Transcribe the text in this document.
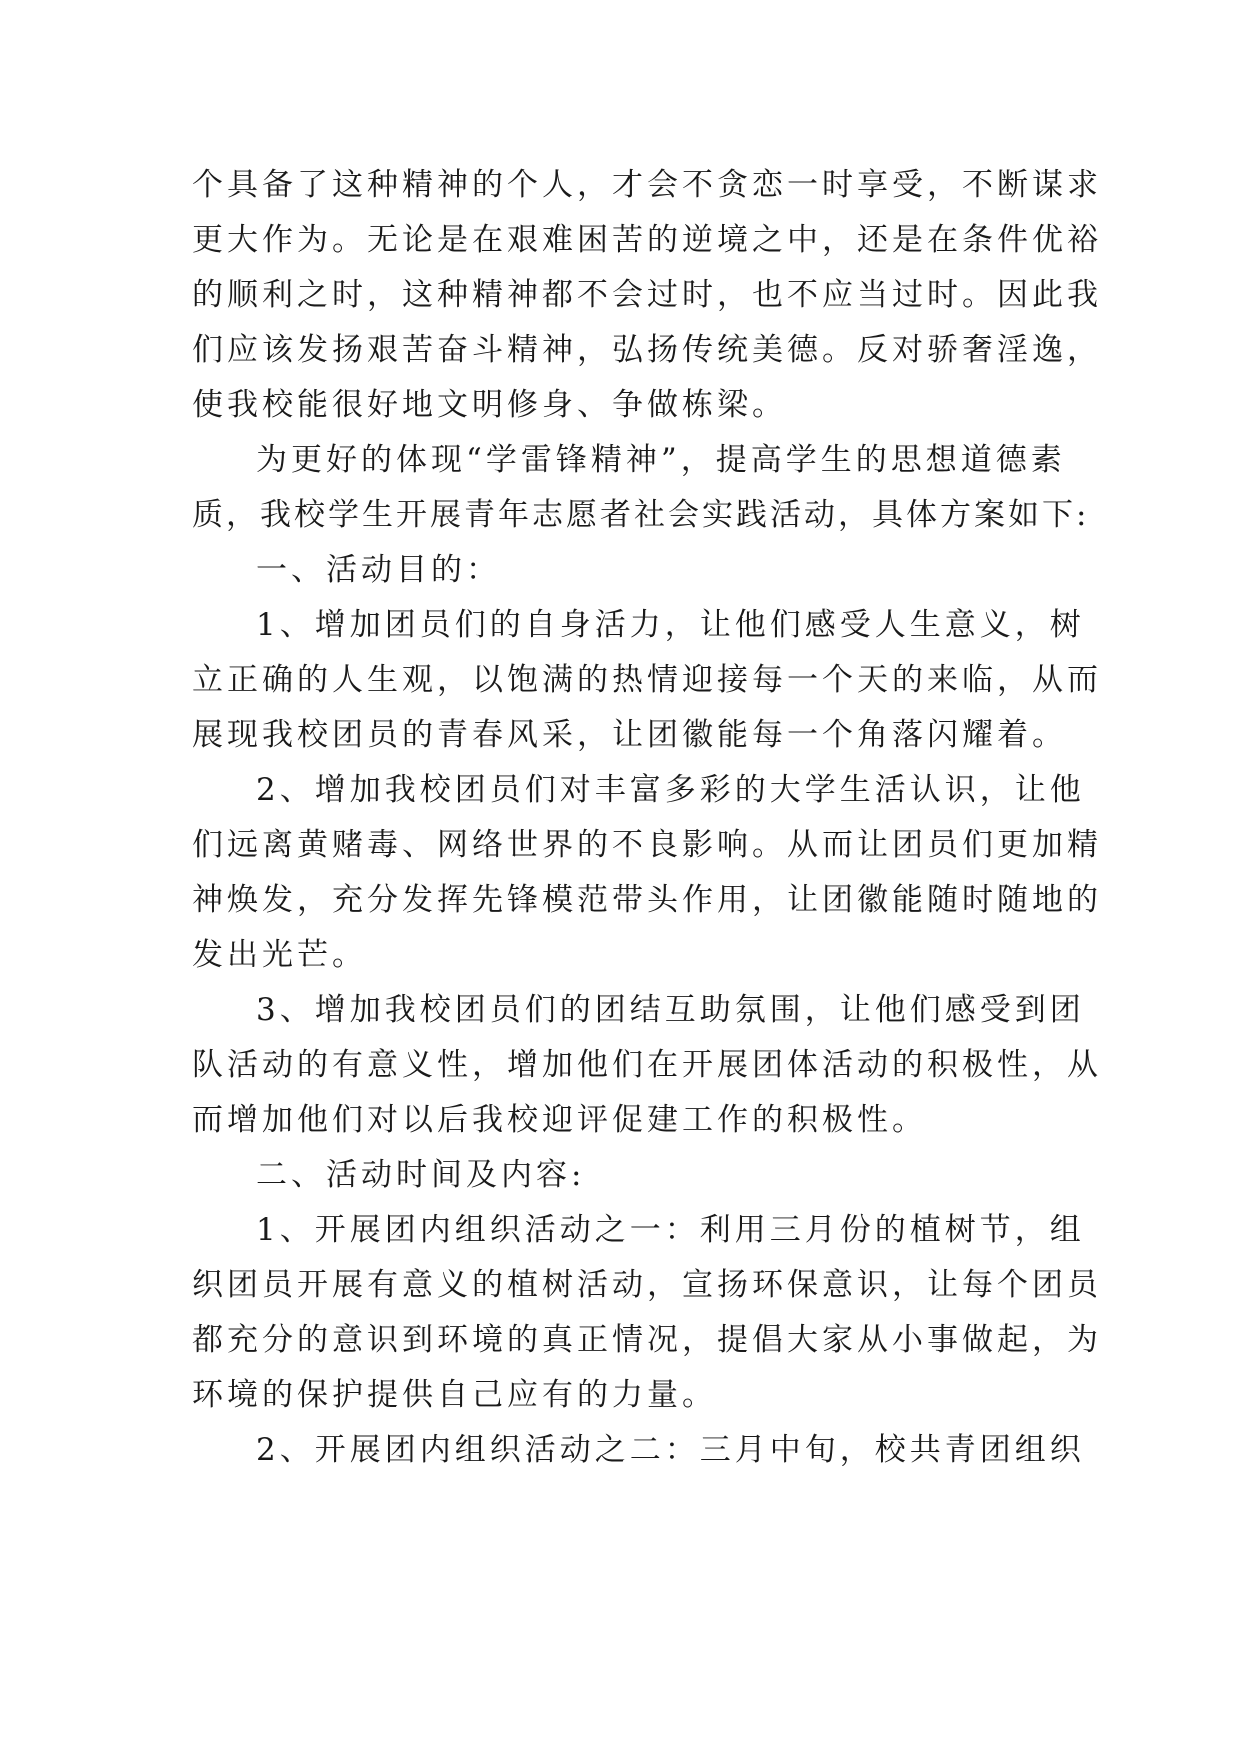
个具备了这种精神的个人，才会不贪恋一时享受，不断谋求
更大作为。无论是在艰难困苦的逆境之中，还是在条件优裕
的顺利之时，这种精神都不会过时，也不应当过时。因此我
们应该发扬艰苦奋斗精神，弘扬传统美德。反对骄奢淫逸，
使我校能很好地文明修身、争做栋梁。
为更好的体现“学雷锋精神”，提高学生的思想道德素
质，我校学生开展青年志愿者社会实践活动，具体方案如下:
一、活动目的：
1、增加团员们的自身活力，让他们感受人生意义，树
立正确的人生观，以饱满的热情迎接每一个天的来临，从而
展现我校团员的青春风采，让团徽能每一个角落闪耀着。
2、增加我校团员们对丰富多彩的大学生活认识，让他
们远离黄赌毒、网络世界的不良影响。从而让团员们更加精
神焕发，充分发挥先锋模范带头作用，让团徽能随时随地的
发出光芒。
3、增加我校团员们的团结互助氛围，让他们感受到团
队活动的有意义性，增加他们在开展团体活动的积极性，从
而增加他们对以后我校迎评促建工作的积极性。
二、活动时间及内容:
1、开展团内组织活动之一：利用三月份的植树节，组
织团员开展有意义的植树活动，宣扬环保意识，让每个团员
都充分的意识到环境的真正情况，提倡大家从小事做起，为
环境的保护提供自己应有的力量。
2、开展团内组织活动之二：三月中旬，校共青团组织
